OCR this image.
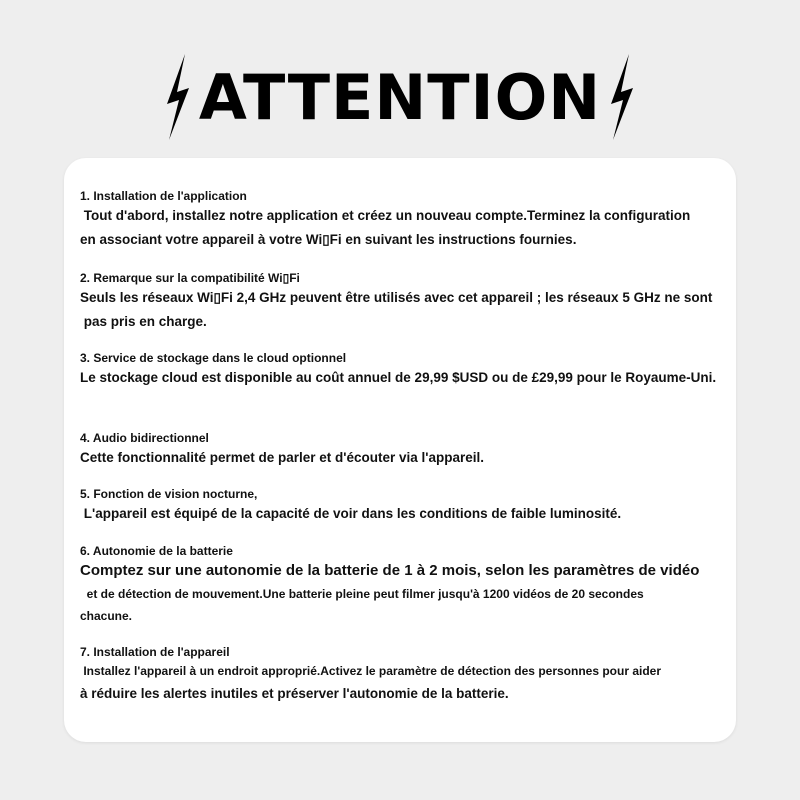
ATTENTION
1. Installation de l'application
Tout d'abord, installez notre application et créez un nouveau compte.Terminez la configuration
en associant votre appareil à votre Wi▯Fi en suivant les instructions fournies.
2. Remarque sur la compatibilité Wi▯Fi
Seuls les réseaux Wi▯Fi 2,4 GHz peuvent être utilisés avec cet appareil ; les réseaux 5 GHz ne sont
pas pris en charge.
3. Service de stockage dans le cloud optionnel
Le stockage cloud est disponible au coût annuel de 29,99 $USD ou de £29,99 pour le Royaume-Uni.
4. Audio bidirectionnel
Cette fonctionnalité permet de parler et d'écouter via l'appareil.
5. Fonction de vision nocturne,
L'appareil est équipé de la capacité de voir dans les conditions de faible luminosité.
6. Autonomie de la batterie
Comptez sur une autonomie de la batterie de 1 à 2 mois, selon les paramètres de vidéo
et de détection de mouvement.Une batterie pleine peut filmer jusqu'à 1200 vidéos de 20 secondes
chacune.
7. Installation de l'appareil
Installez l'appareil à un endroit approprié.Activez le paramètre de détection des personnes pour aider
à réduire les alertes inutiles et préserver l'autonomie de la batterie.
